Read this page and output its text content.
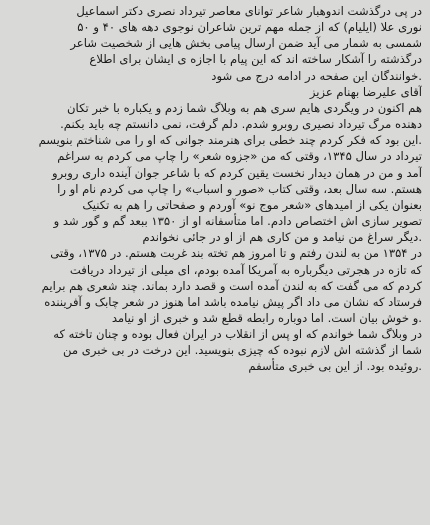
در پی درگذشت اندوهبار شاعر توانای معاصر تیرداد نصری دکتر اسماعیل
نوری علا (ایلیام) که از جمله مهم ترین شاعران نوجوی دهه های ۴۰ و ۵۰
شمسی به شمار می آید ضمن ارسال پیامی بخش هایی از شخصیت شاعر
درگذشته را آشکار ساخته اند که این پیام با اجازه ی ایشان برای اطلاع
.خوانندگان این صفحه در ادامه درج می شود
آقای علیرضا بهنام عزیز
هم اکنون در ویگردی هایم سری هم به وبلاگ شما زدم و یکباره با خبر تکان
دهنده مرگ تیرداد نصیری روبرو شدم. دلم گرفت، نمی دانستم چه باید بکنم.
.این بود که فکر کردم چند خطی برای هنرمند جوانی که او را می شناختم بنویسم
تیرداد در سال ۱۳۴۵، وقتی که من «جزوه شعر» را چاپ می کردم به سراغم
آمد و من در همان دیدار نخست یقین کردم که با شاعر جوان آینده داری روبرو
هستم. سه سال بعد، وقتی کتاب «صور و اسباب» را چاپ می کردم نام او را
بعنوان یکی از امیدهای «شعر موج نو» آوردم و صفحاتی را هم به تکنیک
تصویر سازی اش اختصاص دادم. اما متأسفانه او از ۱۳۵۰ ببعد گم و گور شد و
.دیگر سراغ من نیامد و من کاری هم از او در جائی نخواندم
در ۱۳۵۴ من به لندن رفتم و تا امروز هم تخته بند غربت هستم. در ۱۳۷۵، وقتی
که تازه در هجرتی دیگرباره به آمریکا آمده بودم، ای میلی از تیرداد دریافت
کردم که می گفت که به لندن آمده است و قصد دارد بماند. چند شعری هم برایم
فرستاد که نشان می داد اگر پیش نیامده باشد اما هنوز در شعر چابک و آفریننده
.و خوش بیان است. اما دوباره رابطه قطع شد و خبری از او نیامد
در وبلاگ شما خواندم که او پس از انقلاب در ایران فعال بوده و چنان تاخته که
شما از گذشته اش لازم نبوده که چیزی بنویسید. این درخت در بی خبری من
.روئیده بود. از این بی خبری متأسفم
